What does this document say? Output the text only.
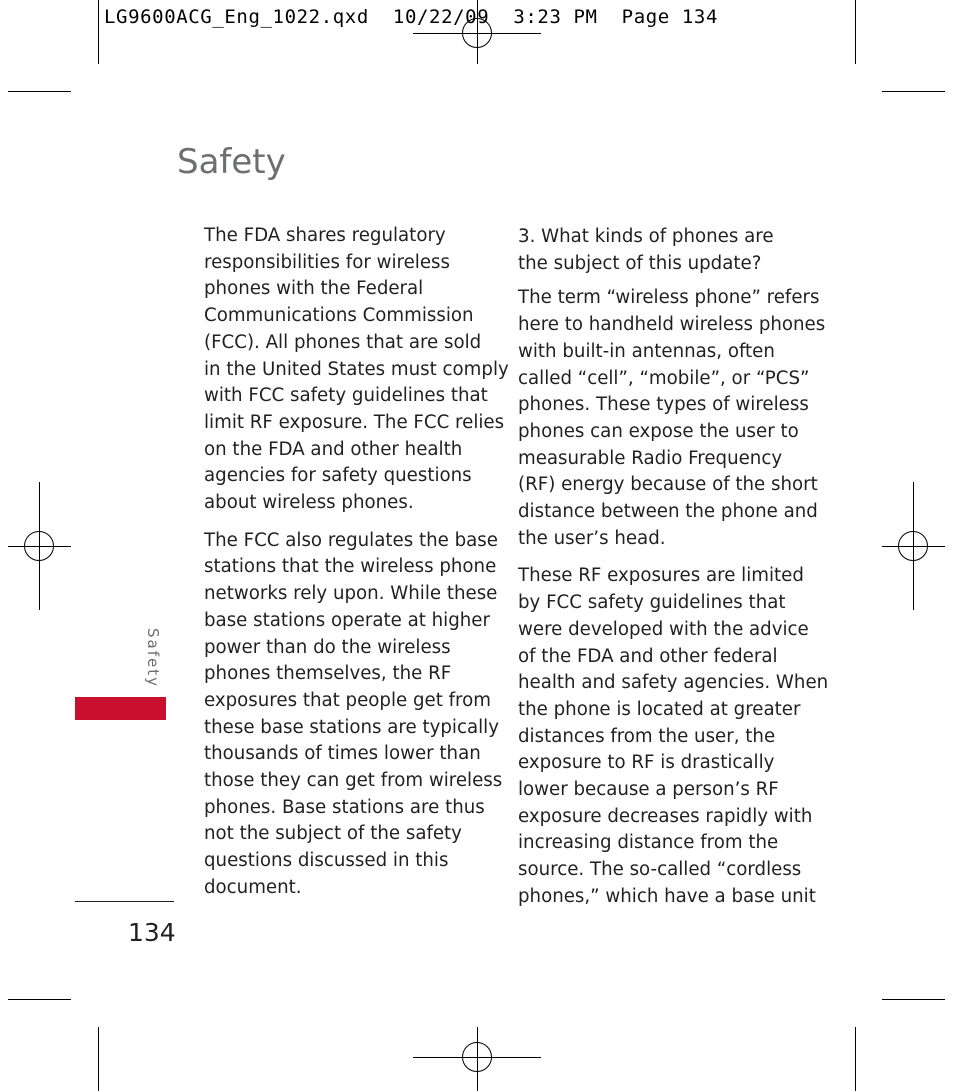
LG9600ACG_Eng_1022.qxd  10/22/09  3:23 PM  Page 134
Safety

The FDA shares regulatory
responsibilities for wireless
phones with the Federal
Communications Commission
(FCC). All phones that are sold
in the United States must comply
with FCC safety guidelines that
limit RF exposure. The FCC relies
on the FDA and other health
agencies for safety questions
about wireless phones.

The FCC also regulates the base
stations that the wireless phone
networks rely upon. While these
base stations operate at higher
power than do the wireless
phones themselves, the RF
exposures that people get from
these base stations are typically
thousands of times lower than
those they can get from wireless
phones. Base stations are thus
not the subject of the safety
questions discussed in this
document.

3. What kinds of phones are
the subject of this update?

The term “wireless phone” refers
here to handheld wireless phones
with built-in antennas, often
called “cell”, “mobile”, or “PCS”
phones. These types of wireless
phones can expose the user to
measurable Radio Frequency
(RF) energy because of the short
distance between the phone and
the user’s head.

These RF exposures are limited
by FCC safety guidelines that
were developed with the advice
of the FDA and other federal
health and safety agencies. When
the phone is located at greater
distances from the user, the
exposure to RF is drastically
lower because a person’s RF
exposure decreases rapidly with
increasing distance from the
source. The so-called “cordless
phones,” which have a base unit

Safety
134
